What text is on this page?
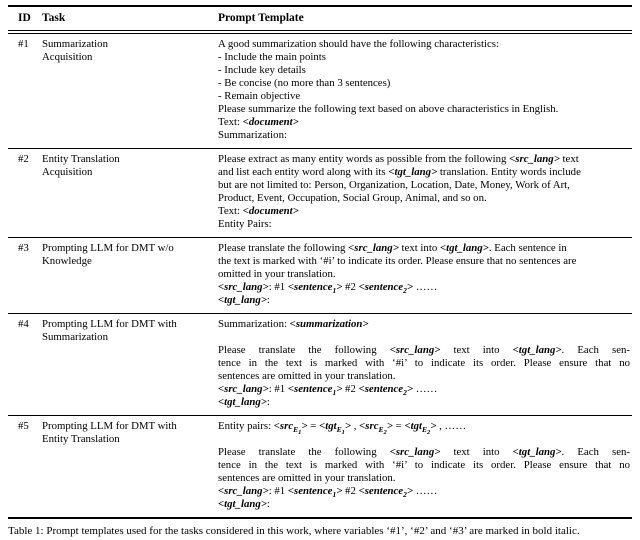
ID	Task	Prompt Template
#1	Summarization
Acquisition

A good summarization should have the following characteristics:
- Include the main points
- Include key details
- Be concise (no more than 3 sentences)
- Remain objective
Please summarize the following text based on above characteristics in English.
Text: <document>
Summarization:

#2	Entity Translation
Acquisition

Please extract as many entity words as possible from the following <src_lang> text
and list each entity word along with its <tgt_lang> translation. Entity words include
but are not limited to: Person, Organization, Location, Date, Money, Work of Art,
Product, Event, Occupation, Social Group, Animal, and so on.
Text: <document>
Entity Pairs:

#3	Prompting LLM for DMT w/o
Knowledge

Please translate the following <src_lang> text into <tgt_lang>. Each sentence in
the text is marked with ‘#i’ to indicate its order. Please ensure that no sentences are
omitted in your translation.
<src_lang>: #1 <sentence$_1$> #2 <sentence$_2$> ……
<tgt_lang>:

#4	Prompting LLM for DMT with
Summarization

Summarization: <summarization>

Please translate the following <src_lang> text into <tgt_lang>. Each sen-
tence in the text is marked with ‘#i’ to indicate its order. Please ensure that no
sentences are omitted in your translation.
<src_lang>: #1 <sentence$_1$> #2 <sentence$_2$> ……
<tgt_lang>:

#5	Prompting LLM for DMT with
Entity Translation

Entity pairs: <src$_{E1}$> = <tgt$_{E1}$> , <src$_{E2}$> = <tgt$_{E2}$> , ……

Please translate the following <src_lang> text into <tgt_lang>. Each sen-
tence in the text is marked with ‘#i’ to indicate its order. Please ensure that no
sentences are omitted in your translation.
<src_lang>: #1 <sentence$_1$> #2 <sentence$_2$> ……
<tgt_lang>:
Table 1: Prompt templates used for the tasks considered in this work, where variables ‘#1’, ‘#2’ and ‘#3’ are marked in bold italic.
